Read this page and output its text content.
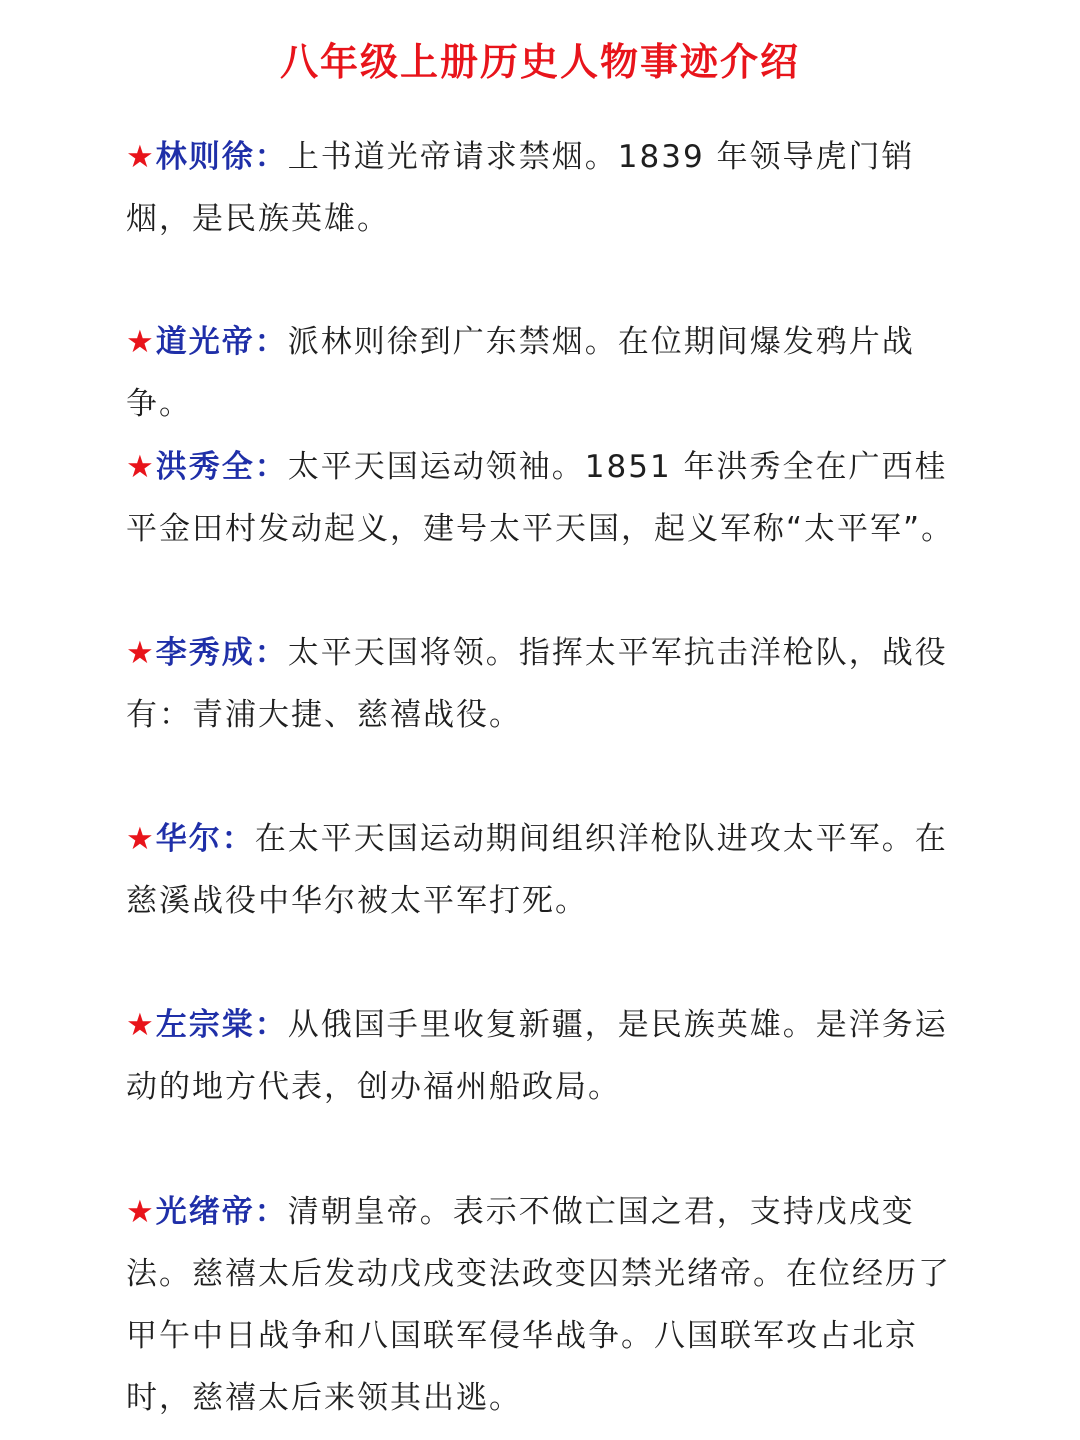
八年级上册历史人物事迹介绍
★林则徐：上书道光帝请求禁烟。1839 年领导虎门销烟，是民族英雄。
★道光帝：派林则徐到广东禁烟。在位期间爆发鸦片战争。
★洪秀全：太平天国运动领袖。1851 年洪秀全在广西桂平金田村发动起义，建号太平天国，起义军称“太平军”。
★李秀成：太平天国将领。指挥太平军抗击洋枪队，战役有：青浦大捷、慈禧战役。
★华尔：在太平天国运动期间组织洋枪队进攻太平军。在慈溪战役中华尔被太平军打死。
★左宗棠：从俄国手里收复新疆，是民族英雄。是洋务运动的地方代表，创办福州船政局。
★光绪帝：清朝皇帝。表示不做亡国之君，支持戊戌变法。慈禧太后发动戊戌变法政变囚禁光绪帝。在位经历了甲午中日战争和八国联军侵华战争。八国联军攻占北京时，慈禧太后来领其出逃。
